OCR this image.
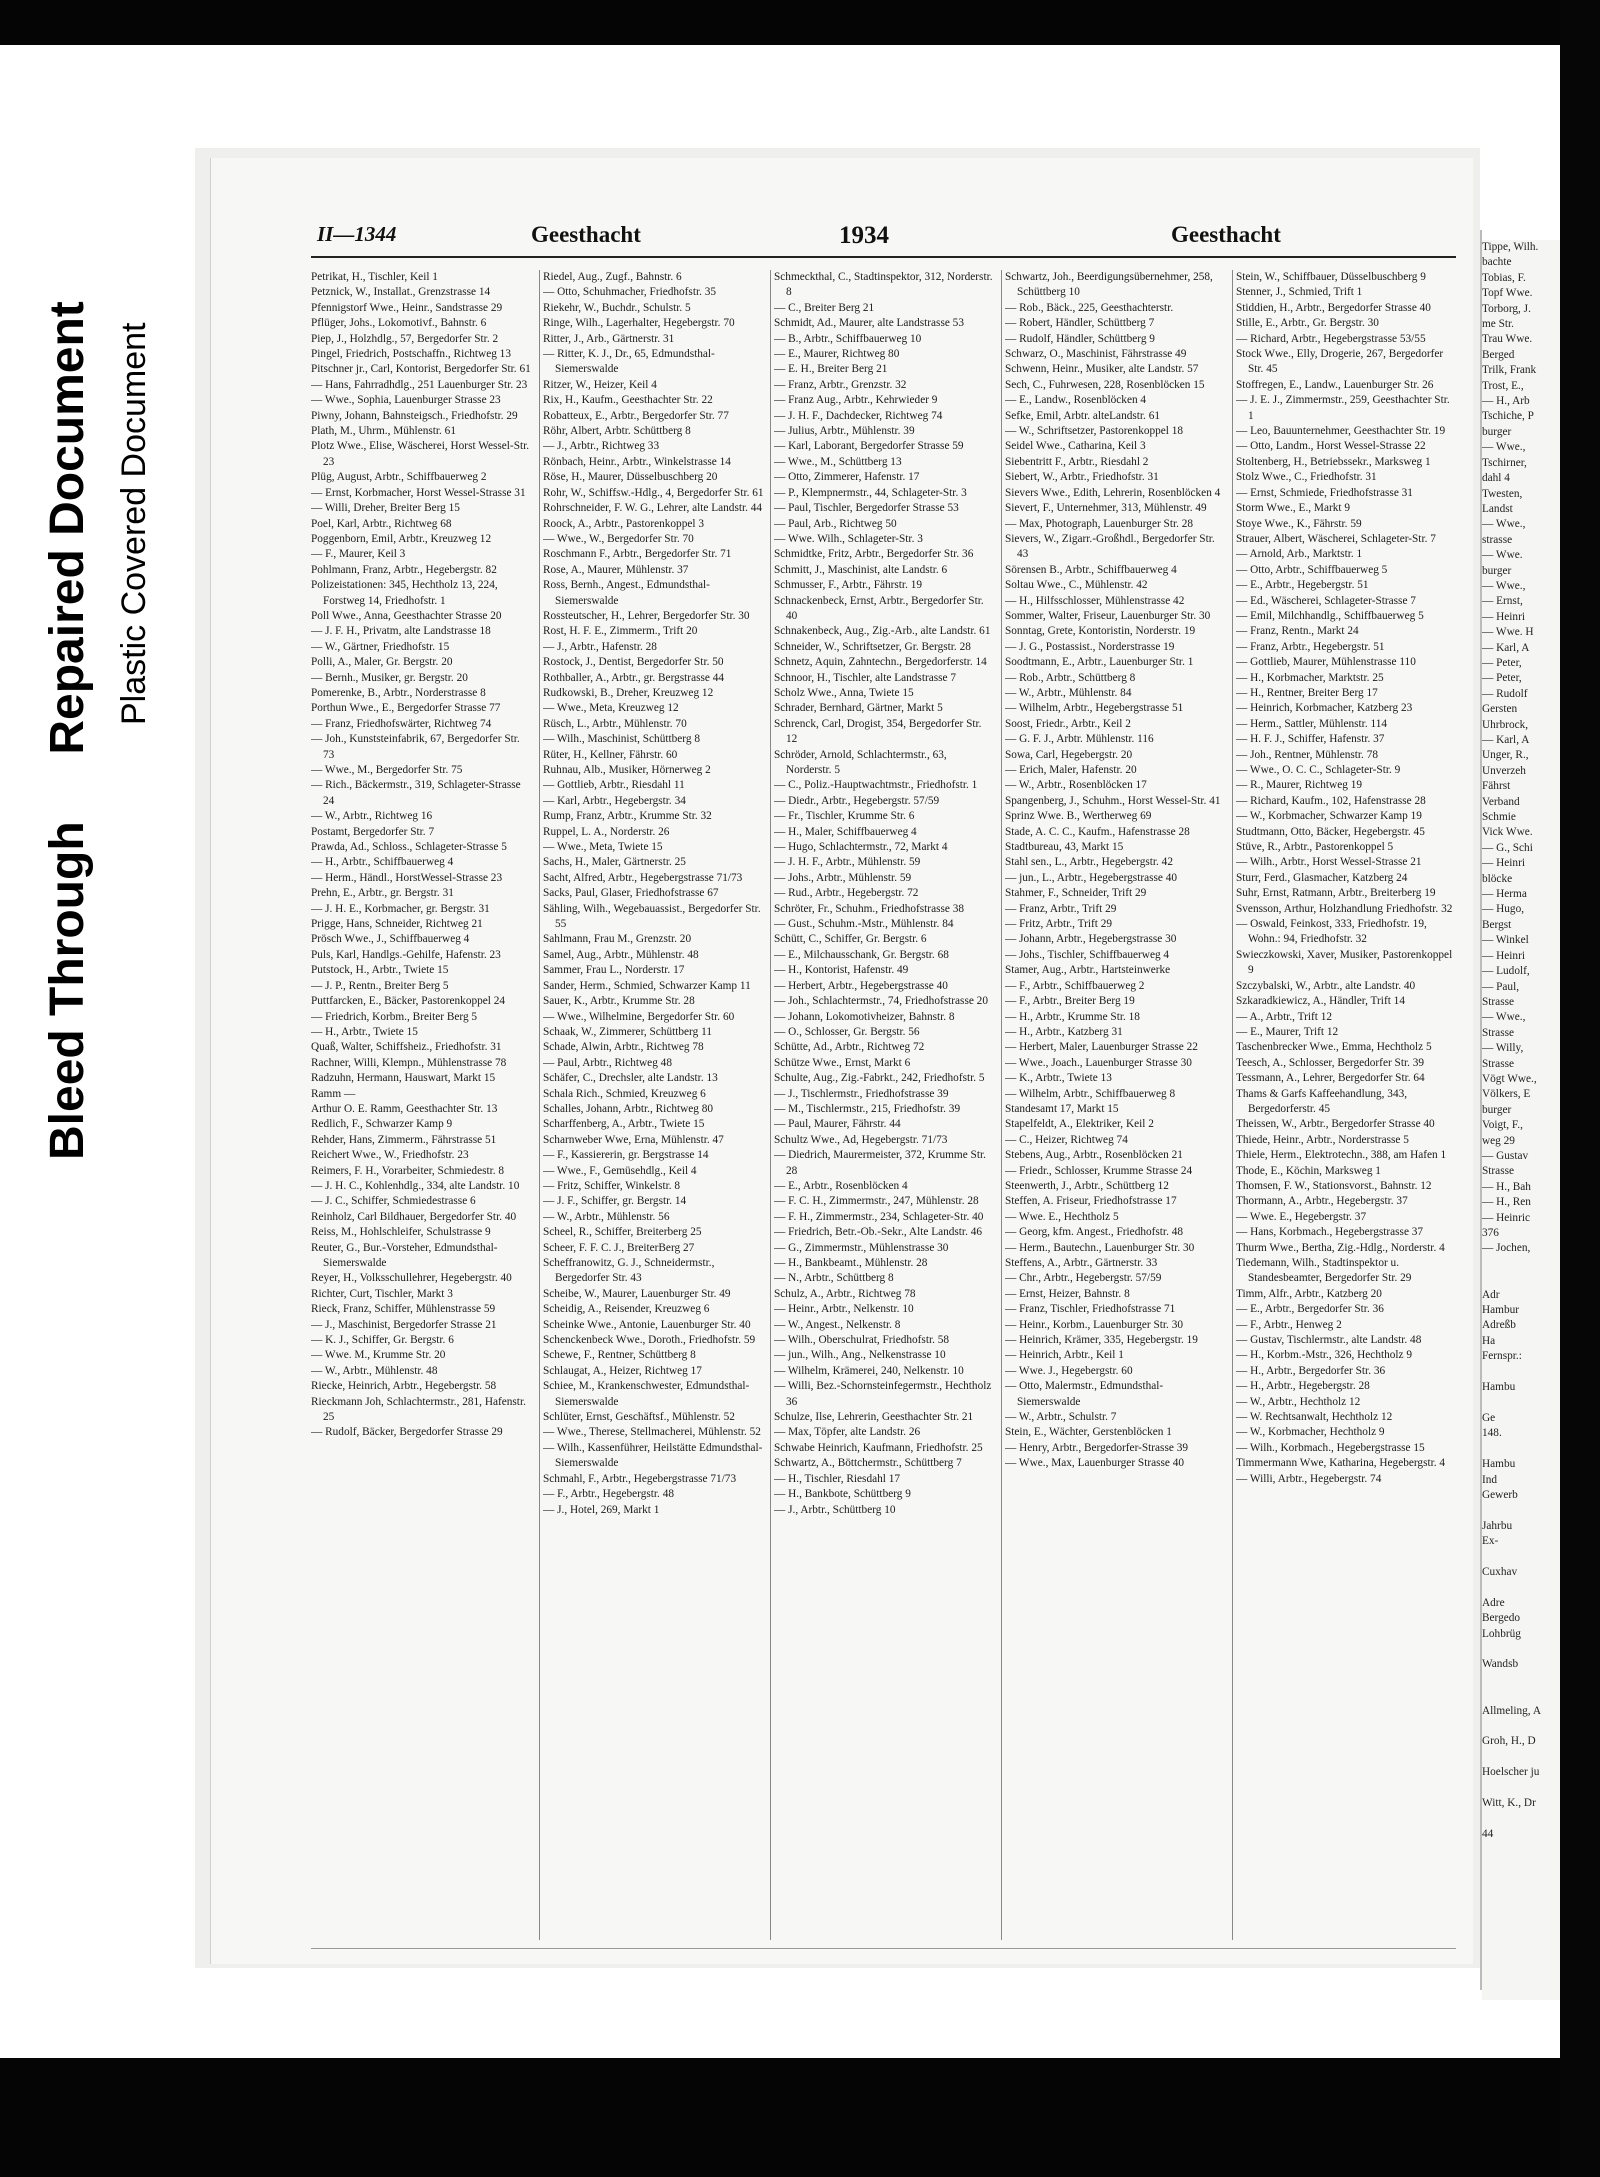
Bleed Through     Repaired Document Plastic Covered Document

Tippe, Wilh.

bachte

Tobias, F.

Topf Wwe.

Torborg, J.

me Str.

Trau Wwe.

Berged

Trilk, Frank

Trost, E.,

— H., Arb

Tschiche, P

burger

— Wwe.,

Tschirner,

dahl 4

Twesten,

Landst

— Wwe.,

strasse

— Wwe.

burger

— Wwe.,

— Ernst,

— Heinri

— Wwe. H

— Karl, A

— Peter,

— Peter,

— Rudolf

Gersten

Uhrbrock,

— Karl, A

Unger, R.,

Unverzeh

Fährst

Verband

Schmie

Vick Wwe.

— G., Schi

— Heinri

blöcke

— Herma

— Hugo,

Bergst

— Winkel

— Heinri

— Ludolf,

— Paul,

Strasse

— Wwe.,

Strasse

— Willy,

Strasse

Vögt Wwe.,

Völkers, E

burger

Voigt, F.,

weg 29

— Gustav

Strasse

— H., Bah

— H., Ren

— Heinric

376

— Jochen,

Adr

Hambur

Adreßb

Ha

Fernspr.:

Hambu

Ge

148.

Hambu

Ind

Gewerb

Jahrbu

Ex-

Cuxhav

Adre

Bergedo

Lohbrüg

Wandsb

Allmeling, A

Groh, H., D

Hoelscher ju

Witt, K., Dr

44

II—1344	Geesthacht	1934	Geesthacht

Petrikat, H., Tischler, Keil 1

Petznick, W., Installat., Grenzstrasse 14

Pfennigstorf Wwe., Heinr., Sandstrasse 29

Pflüger, Johs., Lokomotivf., Bahnstr. 6

Piep, J., Holzhdlg., 57, Bergedorfer Str. 2

Pingel, Friedrich, Postschaffn., Richtweg 13

Pitschner jr., Carl, Kontorist, Bergedorfer Str. 61

— Hans, Fahrradhdlg., 251 Lauenburger Str. 23

— Wwe., Sophia, Lauenburger Strasse 23

Piwny, Johann, Bahnsteigsch., Friedhofstr. 29

Plath, M., Uhrm., Mühlenstr. 61

Plotz Wwe., Elise, Wäscherei, Horst Wessel-Str. 23

Plüg, August, Arbtr., Schiffbauerweg 2

— Ernst, Korbmacher, Horst Wessel-Strasse 31

— Willi, Dreher, Breiter Berg 15

Poel, Karl, Arbtr., Richtweg 68

Poggenborn, Emil, Arbtr., Kreuzweg 12

— F., Maurer, Keil 3

Pohlmann, Franz, Arbtr., Hegebergstr. 82

Polizeistationen: 345, Hechtholz 13, 224, Forstweg 14, Friedhofstr. 1

Poll Wwe., Anna, Geesthachter Strasse 20

— J. F. H., Privatm, alte Landstrasse 18

— W., Gärtner, Friedhofstr. 15

Polli, A., Maler, Gr. Bergstr. 20

— Bernh., Musiker, gr. Bergstr. 20

Pomerenke, B., Arbtr., Norderstrasse 8

Porthun Wwe., E., Bergedorfer Strasse 77

— Franz, Friedhofswärter, Richtweg 74

— Joh., Kunststeinfabrik, 67, Bergedorfer Str. 73

— Wwe., M., Bergedorfer Str. 75

— Rich., Bäckermstr., 319, Schlageter-Strasse 24

— W., Arbtr., Richtweg 16

Postamt, Bergedorfer Str. 7

Prawda, Ad., Schloss., Schlageter-Strasse 5

— H., Arbtr., Schiffbauerweg 4

— Herm., Händl., HorstWessel-Strasse 23

Prehn, E., Arbtr., gr. Bergstr. 31

— J. H. E., Korbmacher, gr. Bergstr. 31

Prigge, Hans, Schneider, Richtweg 21

Prösch Wwe., J., Schiffbauerweg 4

Puls, Karl, Handlgs.-Gehilfe, Hafenstr. 23

Putstock, H., Arbtr., Twiete 15

— J. P., Rentn., Breiter Berg 5

Puttfarcken, E., Bäcker, Pastorenkoppel 24

— Friedrich, Korbm., Breiter Berg 5

— H., Arbtr., Twiete 15

Quaß, Walter, Schiffsheiz., Friedhofstr. 31

Rachner, Willi, Klempn., Mühlenstrasse 78

Radzuhn, Hermann, Hauswart, Markt 15

Ramm —

Arthur O. E. Ramm, Geesthachter Str. 13

Redlich, F., Schwarzer Kamp 9

Rehder, Hans, Zimmerm., Fährstrasse 51

Reichert Wwe., W., Friedhofstr. 23

Reimers, F. H., Vorarbeiter, Schmiedestr. 8

— J. H. C., Kohlenhdlg., 334, alte Landstr. 10

— J. C., Schiffer, Schmiedestrasse 6

Reinholz, Carl Bildhauer, Bergedorfer Str. 40

Reiss, M., Hohlschleifer, Schulstrasse 9

Reuter, G., Bur.-Vorsteher, Edmundsthal-Siemerswalde

Reyer, H., Volksschullehrer, Hegebergstr. 40

Richter, Curt, Tischler, Markt 3

Rieck, Franz, Schiffer, Mühlenstrasse 59

— J., Maschinist, Bergedorfer Strasse 21

— K. J., Schiffer, Gr. Bergstr. 6

— Wwe. M., Krumme Str. 20

— W., Arbtr., Mühlenstr. 48

Riecke, Heinrich, Arbtr., Hegebergstr. 58

Rieckmann Joh, Schlachtermstr., 281, Hafenstr. 25

— Rudolf, Bäcker, Bergedorfer Strasse 29

Riedel, Aug., Zugf., Bahnstr. 6

— Otto, Schuhmacher, Friedhofstr. 35

Riekehr, W., Buchdr., Schulstr. 5

Ringe, Wilh., Lagerhalter, Hegebergstr. 70

Ritter, J., Arb., Gärtnerstr. 31

— Ritter, K. J., Dr., 65, Edmundsthal-Siemerswalde

Ritzer, W., Heizer, Keil 4

Rix, H., Kaufm., Geesthachter Str. 22

Robatteux, E., Arbtr., Bergedorfer Str. 77

Röhr, Albert, Arbtr. Schüttberg 8

— J., Arbtr., Richtweg 33

Rönbach, Heinr., Arbtr., Winkelstrasse 14

Röse, H., Maurer, Düsselbuschberg 20

Rohr, W., Schiffsw.-Hdlg., 4, Bergedorfer Str. 61

Rohrschneider, F. W. G., Lehrer, alte Landstr. 44

Roock, A., Arbtr., Pastorenkoppel 3

— Wwe., W., Bergedorfer Str. 70

Roschmann F., Arbtr., Bergedorfer Str. 71

Rose, A., Maurer, Mühlenstr. 37

Ross, Bernh., Angest., Edmundsthal-Siemerswalde

Rossteutscher, H., Lehrer, Bergedorfer Str. 30

Rost, H. F. E., Zimmerm., Trift 20

— J., Arbtr., Hafenstr. 28

Rostock, J., Dentist, Bergedorfer Str. 50

Rothballer, A., Arbtr., gr. Bergstrasse 44

Rudkowski, B., Dreher, Kreuzweg 12

— Wwe., Meta, Kreuzweg 12

Rüsch, L., Arbtr., Mühlenstr. 70

— Wilh., Maschinist, Schüttberg 8

Rüter, H., Kellner, Fährstr. 60

Ruhnau, Alb., Musiker, Hörnerweg 2

— Gottlieb, Arbtr., Riesdahl 11

— Karl, Arbtr., Hegebergstr. 34

Rump, Franz, Arbtr., Krumme Str. 32

Ruppel, L. A., Norderstr. 26

— Wwe., Meta, Twiete 15

Sachs, H., Maler, Gärtnerstr. 25

Sacht, Alfred, Arbtr., Hegebergstrasse 71/73

Sacks, Paul, Glaser, Friedhofstrasse 67

Sähling, Wilh., Wegebauassist., Bergedorfer Str. 55

Sahlmann, Frau M., Grenzstr. 20

Samel, Aug., Arbtr., Mühlenstr. 48

Sammer, Frau L., Norderstr. 17

Sander, Herm., Schmied, Schwarzer Kamp 11

Sauer, K., Arbtr., Krumme Str. 28

— Wwe., Wilhelmine, Bergedorfer Str. 60

Schaak, W., Zimmerer, Schüttberg 11

Schade, Alwin, Arbtr., Richtweg 78

— Paul, Arbtr., Richtweg 48

Schäfer, C., Drechsler, alte Landstr. 13

Schala Rich., Schmied, Kreuzweg 6

Schalles, Johann, Arbtr., Richtweg 80

Scharffenberg, A., Arbtr., Twiete 15

Scharnweber Wwe, Erna, Mühlenstr. 47

— F., Kassiererin, gr. Bergstrasse 14

— Wwe., F., Gemüsehdlg., Keil 4

— Fritz, Schiffer, Winkelstr. 8

— J. F., Schiffer, gr. Bergstr. 14

— W., Arbtr., Mühlenstr. 56

Scheel, R., Schiffer, Breiterberg 25

Scheer, F. F. C. J., BreiterBerg 27

Scheffranowitz, G. J., Schneidermstr., Bergedorfer Str. 43

Scheibe, W., Maurer, Lauenburger Str. 49

Scheidig, A., Reisender, Kreuzweg 6

Scheinke Wwe., Antonie, Lauenburger Str. 40

Schenckenbeck Wwe., Doroth., Friedhofstr. 59

Schewe, F., Rentner, Schüttberg 8

Schlaugat, A., Heizer, Richtweg 17

Schiee, M., Krankenschwester, Edmundsthal-Siemerswalde

Schlüter, Ernst, Geschäftsf., Mühlenstr. 52

— Wwe., Therese, Stellmacherei, Mühlenstr. 52

— Wilh., Kassenführer, Heilstätte Edmundsthal-Siemerswalde

Schmahl, F., Arbtr., Hegebergstrasse 71/73

— F., Arbtr., Hegebergstr. 48

— J., Hotel, 269, Markt 1

Schmeckthal, C., Stadtinspektor, 312, Norderstr. 8

— C., Breiter Berg 21

Schmidt, Ad., Maurer, alte Landstrasse 53

— B., Arbtr., Schiffbauerweg 10

— E., Maurer, Richtweg 80

— E. H., Breiter Berg 21

— Franz, Arbtr., Grenzstr. 32

— Franz Aug., Arbtr., Kehrwieder 9

— J. H. F., Dachdecker, Richtweg 74

— Julius, Arbtr., Mühlenstr. 39

— Karl, Laborant, Bergedorfer Strasse 59

— Wwe., M., Schüttberg 13

— Otto, Zimmerer, Hafenstr. 17

— P., Klempnermstr., 44, Schlageter-Str. 3

— Paul, Tischler, Bergedorfer Strasse 53

— Paul, Arb., Richtweg 50

— Wwe. Wilh., Schlageter-Str. 3

Schmidtke, Fritz, Arbtr., Bergedorfer Str. 36

Schmitt, J., Maschinist, alte Landstr. 6

Schmusser, F., Arbtr., Fährstr. 19

Schnackenbeck, Ernst, Arbtr., Bergedorfer Str. 40

Schnakenbeck, Aug., Zig.-Arb., alte Landstr. 61

Schneider, W., Schriftsetzer, Gr. Bergstr. 28

Schnetz, Aquin, Zahntechn., Bergedorferstr. 14

Schnoor, H., Tischler, alte Landstrasse 7

Scholz Wwe., Anna, Twiete 15

Schrader, Bernhard, Gärtner, Markt 5

Schrenck, Carl, Drogist, 354, Bergedorfer Str. 12

Schröder, Arnold, Schlachtermstr., 63, Norderstr. 5

— C., Poliz.-Hauptwachtmstr., Friedhofstr. 1

— Diedr., Arbtr., Hegebergstr. 57/59

— Fr., Tischler, Krumme Str. 6

— H., Maler, Schiffbauerweg 4

— Hugo, Schlachtermstr., 72, Markt 4

— J. H. F., Arbtr., Mühlenstr. 59

— Johs., Arbtr., Mühlenstr. 59

— Rud., Arbtr., Hegebergstr. 72

Schröter, Fr., Schuhm., Friedhofstrasse 38

— Gust., Schuhm.-Mstr., Mühlenstr. 84

Schütt, C., Schiffer, Gr. Bergstr. 6

— E., Milchausschank, Gr. Bergstr. 68

— H., Kontorist, Hafenstr. 49

— Herbert, Arbtr., Hegebergstrasse 40

— Joh., Schlachtermstr., 74, Friedhofstrasse 20

— Johann, Lokomotivheizer, Bahnstr. 8

— O., Schlosser, Gr. Bergstr. 56

Schütte, Ad., Arbtr., Richtweg 72

Schütze Wwe., Ernst, Markt 6

Schulte, Aug., Zig.-Fabrkt., 242, Friedhofstr. 5

— J., Tischlermstr., Friedhofstrasse 39

— M., Tischlermstr., 215, Friedhofstr. 39

— Paul, Maurer, Fährstr. 44

Schultz Wwe., Ad, Hegebergstr. 71/73

— Diedrich, Maurermeister, 372, Krumme Str. 28

— E., Arbtr., Rosenblöcken 4

— F. C. H., Zimmermstr., 247, Mühlenstr. 28

— F. H., Zimmermstr., 234, Schlageter-Str. 40

— Friedrich, Betr.-Ob.-Sekr., Alte Landstr. 46

— G., Zimmermstr., Mühlenstrasse 30

— H., Bankbeamt., Mühlenstr. 28

— N., Arbtr., Schüttberg 8

Schulz, A., Arbtr., Richtweg 78

— Heinr., Arbtr., Nelkenstr. 10

— W., Angest., Nelkenstr. 8

— Wilh., Oberschulrat, Friedhofstr. 58

— jun., Wilh., Ang., Nelkenstrasse 10

— Wilhelm, Krämerei, 240, Nelkenstr. 10

— Willi, Bez.-Schornsteinfegermstr., Hechtholz 36

Schulze, Ilse, Lehrerin, Geesthachter Str. 21

— Max, Töpfer, alte Landstr. 26

Schwabe Heinrich, Kaufmann, Friedhofstr. 25

Schwartz, A., Böttchermstr., Schüttberg 7

— H., Tischler, Riesdahl 17

— H., Bankbote, Schüttberg 9

— J., Arbtr., Schüttberg 10

Schwartz, Joh., Beerdigungsübernehmer, 258, Schüttberg 10

— Rob., Bäck., 225, Geesthachterstr.

— Robert, Händler, Schüttberg 7

— Rudolf, Händler, Schüttberg 9

Schwarz, O., Maschinist, Fährstrasse 49

Schwenn, Heinr., Musiker, alte Landstr. 57

Sech, C., Fuhrwesen, 228, Rosenblöcken 15

— E., Landw., Rosenblöcken 4

Sefke, Emil, Arbtr. alteLandstr. 61

— W., Schriftsetzer, Pastorenkoppel 18

Seidel Wwe., Catharina, Keil 3

Siebentritt F., Arbtr., Riesdahl 2

Siebert, W., Arbtr., Friedhofstr. 31

Sievers Wwe., Edith, Lehrerin, Rosenblöcken 4

Sievert, F., Unternehmer, 313, Mühlenstr. 49

— Max, Photograph, Lauenburger Str. 28

Sievers, W., Zigarr.-Großhdl., Bergedorfer Str. 43

Sörensen B., Arbtr., Schiffbauerweg 4

Soltau Wwe., C., Mühlenstr. 42

— H., Hilfsschlosser, Mühlenstrasse 42

Sommer, Walter, Friseur, Lauenburger Str. 30

Sonntag, Grete, Kontoristin, Norderstr. 19

— J. G., Postassist., Norderstrasse 19

Soodtmann, E., Arbtr., Lauenburger Str. 1

— Rob., Arbtr., Schüttberg 8

— W., Arbtr., Mühlenstr. 84

— Wilhelm, Arbtr., Hegebergstrasse 51

Soost, Friedr., Arbtr., Keil 2

— G. F. J., Arbtr. Mühlenstr. 116

Sowa, Carl, Hegebergstr. 20

— Erich, Maler, Hafenstr. 20

— W., Arbtr., Rosenblöcken 17

Spangenberg, J., Schuhm., Horst Wessel-Str. 41

Sprinz Wwe. B., Wertherweg 69

Stade, A. C. C., Kaufm., Hafenstrasse 28

Stadtbureau, 43, Markt 15

Stahl sen., L., Arbtr., Hegebergstr. 42

— jun., L., Arbtr., Hegebergstrasse 40

Stahmer, F., Schneider, Trift 29

— Franz, Arbtr., Trift 29

— Fritz, Arbtr., Trift 29

— Johann, Arbtr., Hegebergstrasse 30

— Johs., Tischler, Schiffbauerweg 4

Stamer, Aug., Arbtr., Hartsteinwerke

— F., Arbtr., Schiffbauerweg 2

— F., Arbtr., Breiter Berg 19

— H., Arbtr., Krumme Str. 18

— H., Arbtr., Katzberg 31

— Herbert, Maler, Lauenburger Strasse 22

— Wwe., Joach., Lauenburger Strasse 30

— K., Arbtr., Twiete 13

— Wilhelm, Arbtr., Schiffbauerweg 8

Standesamt 17, Markt 15

Stapelfeldt, A., Elektriker, Keil 2

— C., Heizer, Richtweg 74

Stebens, Aug., Arbtr., Rosenblöcken 21

— Friedr., Schlosser, Krumme Strasse 24

Steenwerth, J., Arbtr., Schüttberg 12

Steffen, A. Friseur, Friedhofstrasse 17

— Wwe. E., Hechtholz 5

— Georg, kfm. Angest., Friedhofstr. 48

— Herm., Bautechn., Lauenburger Str. 30

Steffens, A., Arbtr., Gärtnerstr. 33

— Chr., Arbtr., Hegebergstr. 57/59

— Ernst, Heizer, Bahnstr. 8

— Franz, Tischler, Friedhofstrasse 71

— Heinr., Korbm., Lauenburger Str. 30

— Heinrich, Krämer, 335, Hegebergstr. 19

— Heinrich, Arbtr., Keil 1

— Wwe. J., Hegebergstr. 60

— Otto, Malermstr., Edmundsthal-Siemerswalde

— W., Arbtr., Schulstr. 7

Stein, E., Wächter, Gerstenblöcken 1

— Henry, Arbtr., Bergedorfer-Strasse 39

— Wwe., Max, Lauenburger Strasse 40

Stein, W., Schiffbauer, Düsselbuschberg 9

Stenner, J., Schmied, Trift 1

Stiddien, H., Arbtr., Bergedorfer Strasse 40

Stille, E., Arbtr., Gr. Bergstr. 30

— Richard, Arbtr., Hegebergstrasse 53/55

Stock Wwe., Elly, Drogerie, 267, Bergedorfer Str. 45

Stoffregen, E., Landw., Lauenburger Str. 26

— J. E. J., Zimmermstr., 259, Geesthachter Str. 1

— Leo, Bauunternehmer, Geesthachter Str. 19

— Otto, Landm., Horst Wessel-Strasse 22

Stoltenberg, H., Betriebssekr., Marksweg 1

Stolz Wwe., C., Friedhofstr. 31

— Ernst, Schmiede, Friedhofstrasse 31

Storm Wwe., E., Markt 9

Stoye Wwe., K., Fährstr. 59

Strauer, Albert, Wäscherei, Schlageter-Str. 7

— Arnold, Arb., Marktstr. 1

— Otto, Arbtr., Schiffbauerweg 5

— E., Arbtr., Hegebergstr. 51

— Ed., Wäscherei, Schlageter-Strasse 7

— Emil, Milchhandlg., Schiffbauerweg 5

— Franz, Rentn., Markt 24

— Franz, Arbtr., Hegebergstr. 51

— Gottlieb, Maurer, Mühlenstrasse 110

— H., Korbmacher, Marktstr. 25

— H., Rentner, Breiter Berg 17

— Heinrich, Korbmacher, Katzberg 23

— Herm., Sattler, Mühlenstr. 114

— H. F. J., Schiffer, Hafenstr. 37

— Joh., Rentner, Mühlenstr. 78

— Wwe., O. C. C., Schlageter-Str. 9

— R., Maurer, Richtweg 19

— Richard, Kaufm., 102, Hafenstrasse 28

— W., Korbmacher, Schwarzer Kamp 19

Studtmann, Otto, Bäcker, Hegebergstr. 45

Stüve, R., Arbtr., Pastorenkoppel 5

— Wilh., Arbtr., Horst Wessel-Strasse 21

Sturr, Ferd., Glasmacher, Katzberg 24

Suhr, Ernst, Ratmann, Arbtr., Breiterberg 19

Svensson, Arthur, Holzhandlung Friedhofstr. 32

— Oswald, Feinkost, 333, Friedhofstr. 19, Wohn.: 94, Friedhofstr. 32

Swieczkowski, Xaver, Musiker, Pastorenkoppel 9

Szczybalski, W., Arbtr., alte Landstr. 40

Szkaradkiewicz, A., Händler, Trift 14

— A., Arbtr., Trift 12

— E., Maurer, Trift 12

Taschenbrecker Wwe., Emma, Hechtholz 5

Teesch, A., Schlosser, Bergedorfer Str. 39

Tessmann, A., Lehrer, Bergedorfer Str. 64

Thams & Garfs Kaffeehandlung, 343, Bergedorferstr. 45

Theissen, W., Arbtr., Bergedorfer Strasse 40

Thiede, Heinr., Arbtr., Norderstrasse 5

Thiele, Herm., Elektrotechn., 388, am Hafen 1

Thode, E., Köchin, Marksweg 1

Thomsen, F. W., Stationsvorst., Bahnstr. 12

Thormann, A., Arbtr., Hegebergstr. 37

— Wwe. E., Hegebergstr. 37

— Hans, Korbmach., Hegebergstrasse 37

Thurm Wwe., Bertha, Zig.-Hdlg., Norderstr. 4

Tiedemann, Wilh., Stadtinspektor u. Standesbeamter, Bergedorfer Str. 29

Timm, Alfr., Arbtr., Katzberg 20

— E., Arbtr., Bergedorfer Str. 36

— F., Arbtr., Henweg 2

— Gustav, Tischlermstr., alte Landstr. 48

— H., Korbm.-Mstr., 326, Hechtholz 9

— H., Arbtr., Bergedorfer Str. 36

— H., Arbtr., Hegebergstr. 28

— W., Arbtr., Hechtholz 12

— W. Rechtsanwalt, Hechtholz 12

— W., Korbmacher, Hechtholz 9

— Wilh., Korbmach., Hegebergstrasse 15

Timmermann Wwe, Katharina, Hegebergstr. 4

— Willi, Arbtr., Hegebergstr. 74
